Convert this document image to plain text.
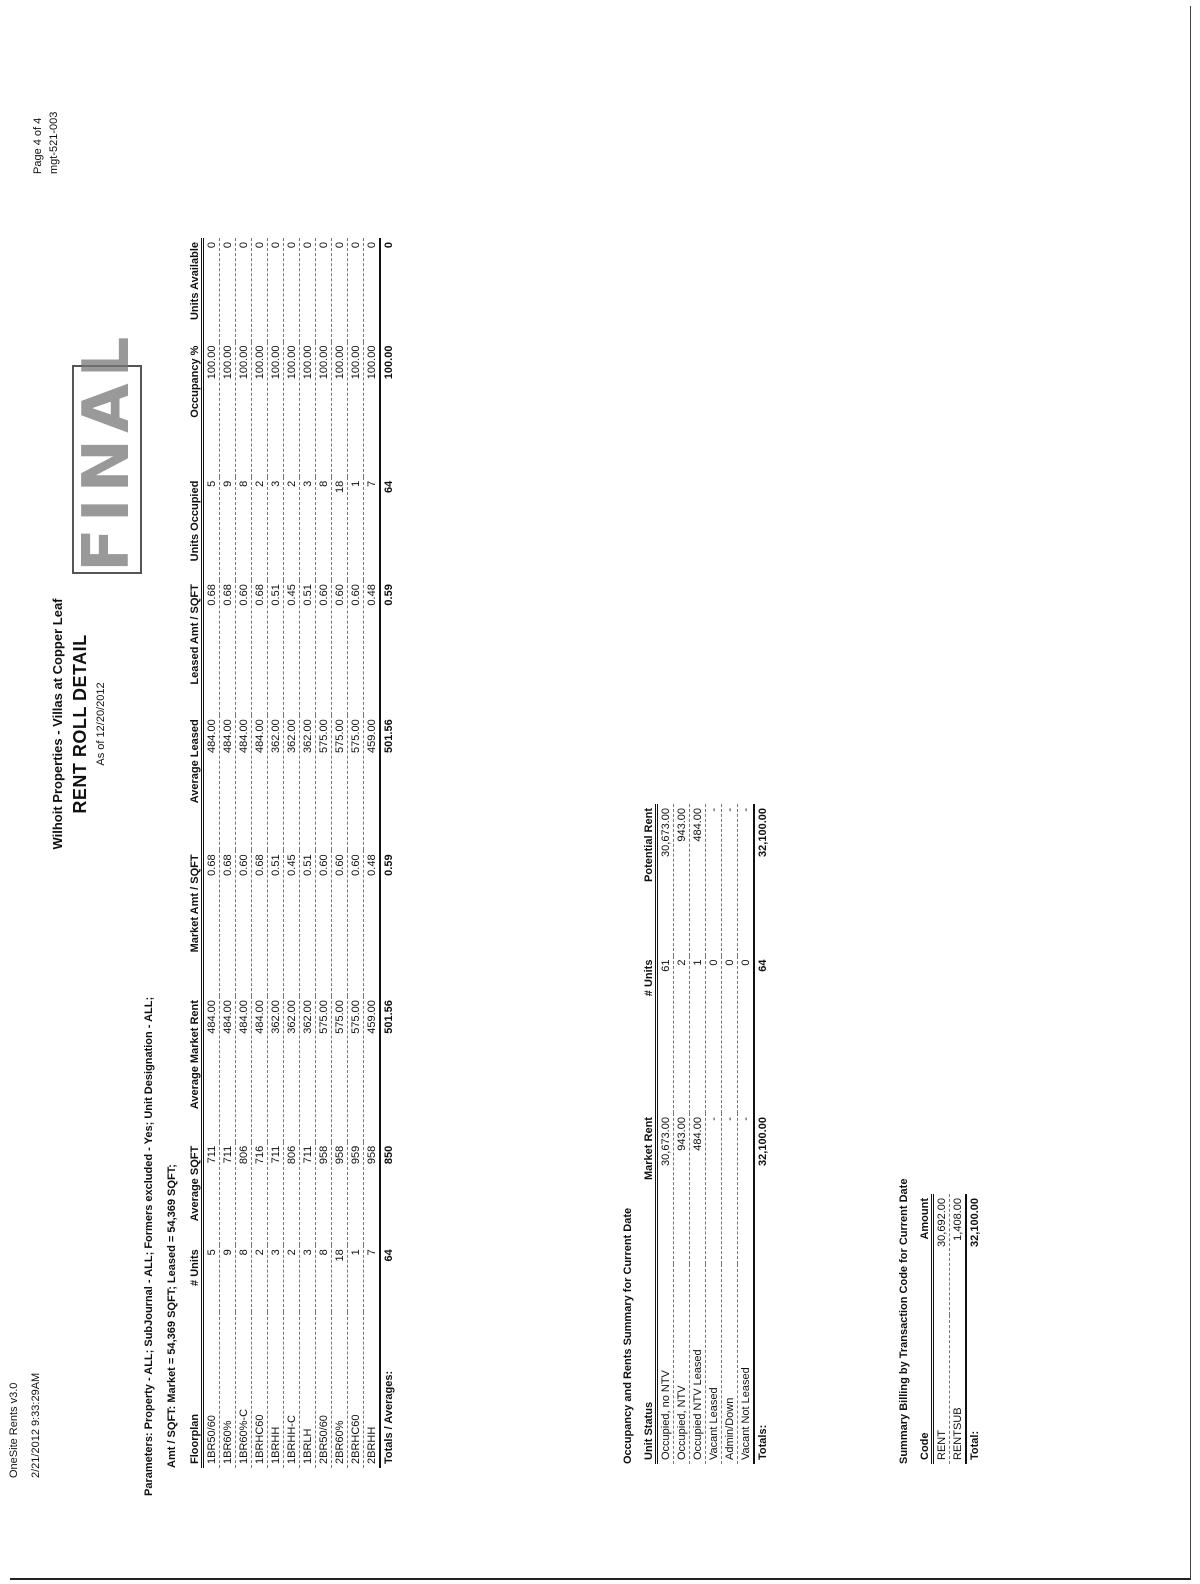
OneSite Rents v3.0 2/21/2012 9:33:29AM
Wilhoit Properties - Villas at Copper Leaf RENT ROLL DETAIL As of 12/20/2012
FINAL
Page 4 of 4 mgt-521-003
Parameters: Property - ALL; SubJournal - ALL; Formers excluded - Yes; Unit Designation - ALL; Amt / SQFT: Market = 54,369 SQFT; Leased = 54,369 SQFT; Floorplan	# Units	Average SQFT	Average Market Rent	Market Amt / SQFT	Average Leased	Leased Amt / SQFT	Units Occupied	Occupancy %	Units Available
1BR50/60	5	711	484.00	0.68	484.00	0.68	5	100.00	0
1BR60%	9	711	484.00	0.68	484.00	0.68	9	100.00	0
1BR60%-C	8	806	484.00	0.60	484.00	0.60	8	100.00	0
1BRHC60	2	716	484.00	0.68	484.00	0.68	2	100.00	0
1BRHH	3	711	362.00	0.51	362.00	0.51	3	100.00	0
1BRHH-C	2	806	362.00	0.45	362.00	0.45	2	100.00	0
1BRLH	3	711	362.00	0.51	362.00	0.51	3	100.00	0
2BR50/60	8	958	575.00	0.60	575.00	0.60	8	100.00	0
2BR60%	18	958	575.00	0.60	575.00	0.60	18	100.00	0
2BRHC60	1	959	575.00	0.60	575.00	0.60	1	100.00	0
2BRHH	7	958	459.00	0.48	459.00	0.48	7	100.00	0
Totals / Averages:	64	850	501.56	0.59	501.56	0.59	64	100.00	0
Occupancy and Rents Summary for Current Date Unit Status	Market Rent	# Units	Potential Rent
Occupied, no NTV	30,673.00	61	30,673.00
Occupied, NTV	943.00	2	943.00
Occupied NTV Leased	484.00	1	484.00
Vacant Leased	-	0	-
Admin/Down	-	0	-
Vacant Not Leased	-	0	-
Totals:	32,100.00	64	32,100.00
Summary Billing by Transaction Code for Current Date Code	Amount
RENT	30,692.00
RENTSUB	1,408.00
Total:	32,100.00
